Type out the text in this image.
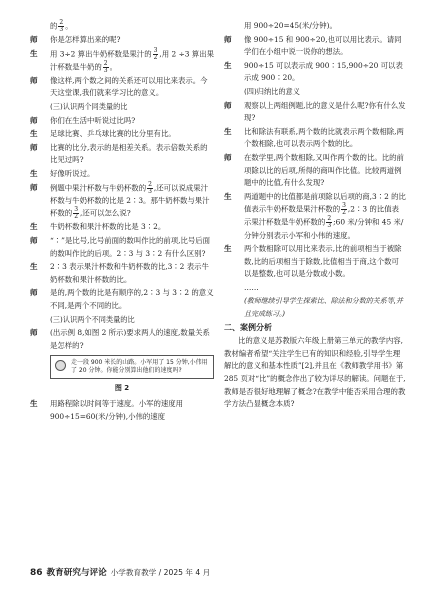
的 $\frac{2}{3}$ 。
师 你是怎样算出来的呢?
生 用 3÷2 算出牛奶杯数是果汁的 $\frac{3}{2}$ ,用 2 ÷3 算出果汁杯数是牛奶的 $\frac{2}{3}$ 。
师 像这样,两个数之间的关系还可以用比来表示。今天这堂课,我们就来学习比的意义。
(三)认识两个同类量的比
师 你们在生活中听说过比吗?
生 足球比赛、乒乓球比赛的比分里有比。
师 比赛的比分,表示的是相差关系。表示倍数关系的比见过吗?
生 好像听说过。
师 例题中果汁杯数与牛奶杯数的 $\frac{2}{3}$ ,还可以说成果汁杯数与牛奶杯数的比是 2∶3。那牛奶杯数与果汁杯数的 $\frac{3}{2}$ ,还可以怎么说?
生 牛奶杯数和果汁杯数的比是 3∶2。
师 “∶”是比号,比号前面的数叫作比的前项,比号后面的数叫作比的后项。2∶3 与 3∶2 有什么区别?
生 2∶3 表示果汁杯数和牛奶杯数的比,3∶2 表示牛奶杯数和果汁杯数的比。
师 是的,两个数的比是有顺序的,2∶3 与 3∶2 的意义不同,是两个不同的比。
(三)认识两个不同类量的比
师 (出示例 8,如图 2 所示)要求两人的速度,数量关系是怎样的?
走一段 900 米长的山路。小军用了 15 分钟,小伟用了 20 分钟。你能分别算出他们的速度吗?
图 2
生 用路程除以时间等于速度。小军的速度用 900÷15=60(米/分钟),小伟的速度
用 900÷20=45(米/分钟)。
师 像 900÷15 和 900÷20,也可以用比表示。请同学们在小组中说一说你的想法。
生 900÷15 可以表示成 900∶15,900÷20 可以表示成 900∶20。
(四)归纳比的意义
师 观察以上两组例题,比的意义是什么呢?你有什么发现?
生 比和除法有联系,两个数的比就表示两个数相除,两个数相除,也可以表示两个数的比。
师 在数学里,两个数相除,又叫作两个数的比。比的前项除以比的后项,所得的商叫作比值。比较两道例题中的比值,有什么发现?
生 两道题中的比值都是前项除以后项的商,3∶2 的比值表示牛奶杯数是果汁杯数的 $\frac{3}{2}$ ,2∶3 的比值表示果汁杯数是牛奶杯数的 $\frac{2}{3}$ ;60 米/分钟和 45 米/分钟分别表示小军和小伟的速度。
生 两个数相除可以用比来表示,比的前项相当于被除数,比的后项相当于除数,比值相当于商,这个数可以是整数,也可以是分数或小数。
……
(教师继续引导学生探索比、除法和分数的关系等,并且完成练习。)
二、案例分析
比的意义是苏教版六年级上册第三单元的教学内容,教材编者希望“关注学生已有的知识和经验,引导学生理解比的意义和基本性质”[2],并且在《教师教学用书》第 285 页对“比”的概念作出了较为详尽的解读。问题在于,教师是否很好地理解了概念?在教学中能否采用合理的教学方法凸显概念本质?
86 教育研究与评论 小学教育教学 / 2025 年 4 月
